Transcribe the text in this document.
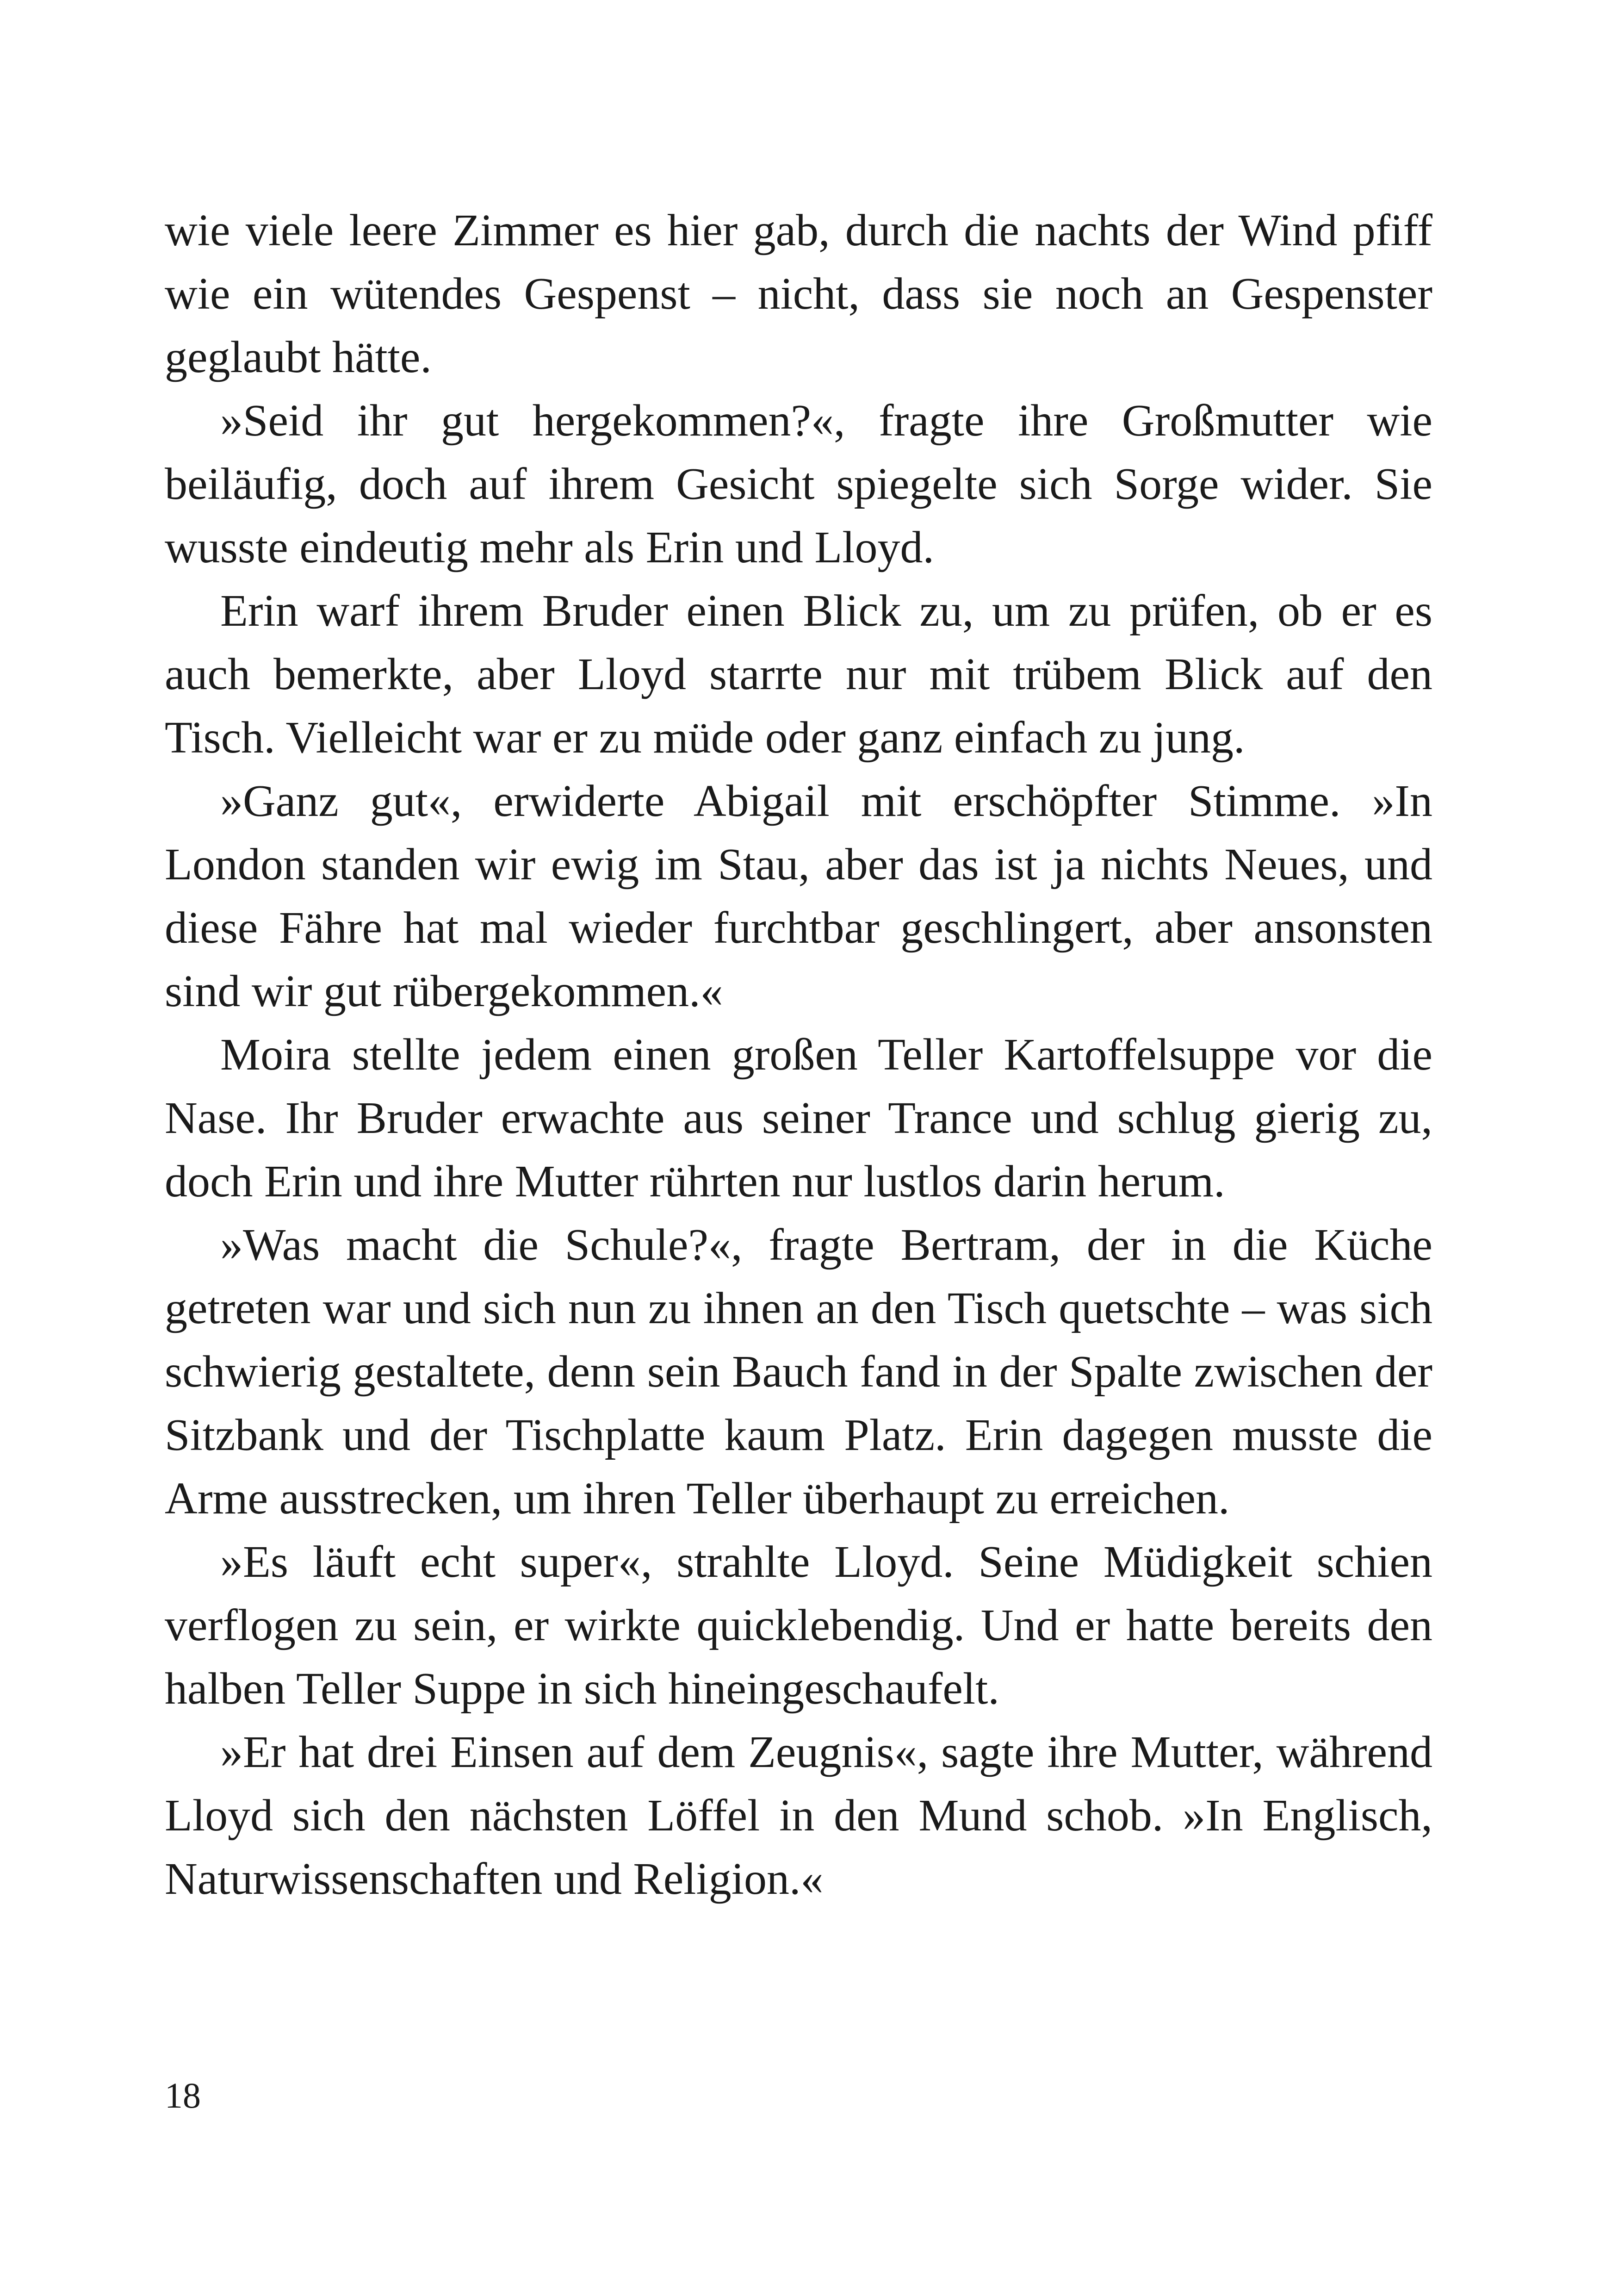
wie viele leere Zimmer es hier gab, durch die nachts der Wind pfiff wie ein wütendes Gespenst – nicht, dass sie noch an Gespenster geglaubt hätte.

»Seid ihr gut hergekommen?«, fragte ihre Großmutter wie beiläufig, doch auf ihrem Gesicht spiegelte sich Sorge wider. Sie wusste eindeutig mehr als Erin und Lloyd.

Erin warf ihrem Bruder einen Blick zu, um zu prüfen, ob er es auch bemerkte, aber Lloyd starrte nur mit trübem Blick auf den Tisch. Vielleicht war er zu müde oder ganz einfach zu jung.

»Ganz gut«, erwiderte Abigail mit erschöpfter Stimme. »In London standen wir ewig im Stau, aber das ist ja nichts Neues, und diese Fähre hat mal wieder furchtbar geschlingert, aber ansonsten sind wir gut rübergekommen.«

Moira stellte jedem einen großen Teller Kartoffelsuppe vor die Nase. Ihr Bruder erwachte aus seiner Trance und schlug gierig zu, doch Erin und ihre Mutter rührten nur lustlos darin herum.

»Was macht die Schule?«, fragte Bertram, der in die Küche getreten war und sich nun zu ihnen an den Tisch quetschte – was sich schwierig gestaltete, denn sein Bauch fand in der Spalte zwischen der Sitzbank und der Tischplatte kaum Platz. Erin dagegen musste die Arme ausstrecken, um ihren Teller überhaupt zu erreichen.

»Es läuft echt super«, strahlte Lloyd. Seine Müdigkeit schien verflogen zu sein, er wirkte quicklebendig. Und er hatte bereits den halben Teller Suppe in sich hineingeschaufelt.

»Er hat drei Einsen auf dem Zeugnis«, sagte ihre Mutter, während Lloyd sich den nächsten Löffel in den Mund schob. »In Englisch, Naturwissenschaften und Religion.«

18
